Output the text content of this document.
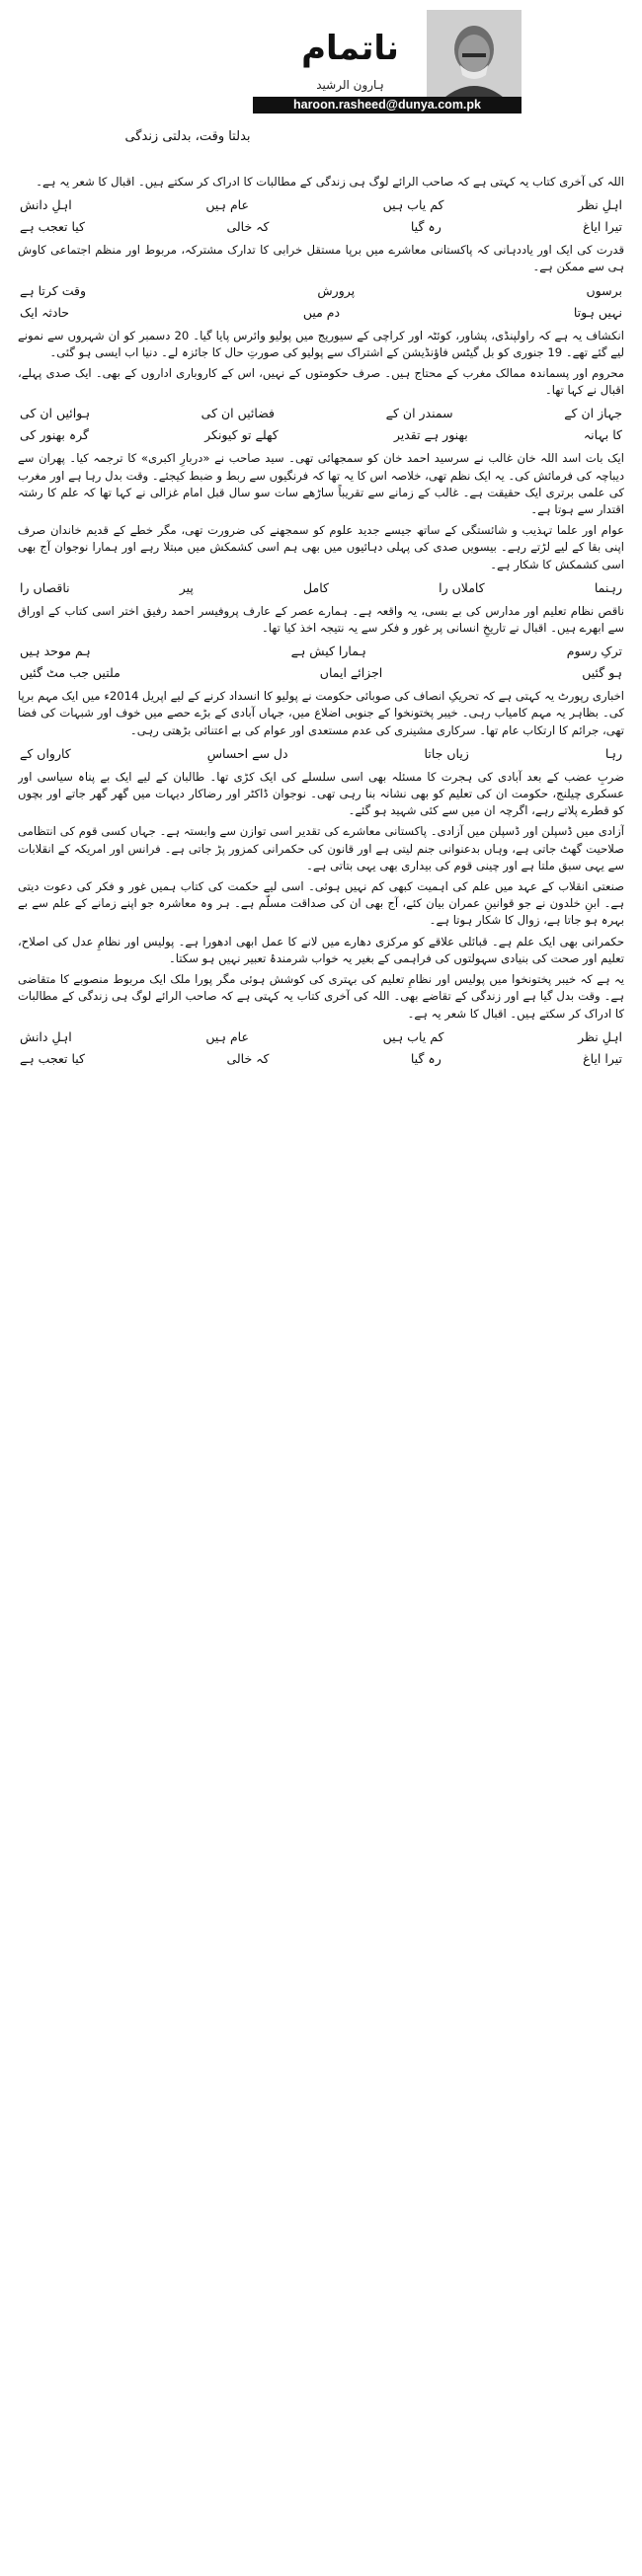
ناتمام
ہارون الرشید
haroon.rasheed@dunya.com.pk
بدلتا وقت، بدلتی زندگی

اللہ کی آخری کتاب یہ کہتی ہے کہ صاحب الرائے لوگ ہی زندگی کے مطالبات کا ادراک کر سکتے ہیں۔ اقبال کا شعر یہ ہے۔

اہلِ دانش	عام ہیں	کم یاب ہیں	اہلِ نظر
کیا تعجب ہے	کہ خالی	رہ گیا	تیرا ایاغ

قدرت کی ایک اور یاددہانی کہ پاکستانی معاشرے میں برپا مستقل خرابی کا تدارک مشترکہ، مربوط اور منظم اجتماعی کاوش ہی سے ممکن ہے۔

وقت کرتا ہے	پرورش	برسوں
حادثہ ایک	دم میں	نہیں ہوتا

انکشاف یہ ہے کہ راولپنڈی، پشاور، کوئٹہ اور کراچی کے سیوریج میں پولیو وائرس پایا گیا۔ 20 دسمبر کو ان شہروں سے نمونے لیے گئے تھے۔ 19 جنوری کو بل گیٹس فاؤنڈیشن کے اشتراک سے پولیو کی صورتِ حال کا جائزہ لے۔ دنیا اب ایسی ہو گئی۔

محروم اور پسماندہ ممالک مغرب کے محتاج ہیں۔ صرف حکومتوں کے نہیں، اس کے کاروباری اداروں کے بھی۔ ایک صدی پہلے، اقبال نے کہا تھا۔

ہوائیں ان کی	فضائیں ان کی	سمندر ان کے	جہاز ان کے
گرہ بھنور کی	کھلے تو کیونکر	بھنور ہے تقدیر	کا بہانہ

ایک بات اسد اللہ خان غالب نے سرسید احمد خان کو سمجھائی تھی۔ سید صاحب نے «دربارِ اکبری» کا ترجمہ کیا۔ پھران سے دیباچہ کی فرمائش کی۔ یہ ایک نظم تھی، خلاصہ اس کا یہ تھا کہ فرنگیوں سے ربط و ضبط کیجئے۔ وقت بدل رہا ہے اور مغرب کی علمی برتری ایک حقیقت ہے۔ غالب کے زمانے سے تقریباً ساڑھے سات سو سال قبل امام غزالی نے کہا تھا کہ علم کا رشتہ اقتدار سے ہوتا ہے۔

عوام اور علما تہذیب و شائستگی کے ساتھ جیسے جدید علوم کو سمجھنے کی ضرورت تھی، مگر خطے کے قدیم خاندان صرف اپنی بقا کے لیے لڑتے رہے۔ بیسویں صدی کی پہلی دہائیوں میں بھی ہم اسی کشمکش میں مبتلا رہے اور ہمارا نوجوان آج بھی اسی کشمکش کا شکار ہے۔

ناقصاں را	پیر	کامل	کاملاں را	رہنما

ناقص نظام تعلیم اور مدارس کی بے بسی، یہ واقعہ ہے۔ ہمارے عصر کے عارف پروفیسر احمد رفیق اختر اسی کتاب کے اوراق سے ابھرے ہیں۔ اقبال نے تاریخِ انسانی پر غور و فکر سے یہ نتیجہ اخذ کیا تھا۔

ہم موحد ہیں	ہمارا کیش ہے	ترکِ رسوم
ملتیں جب مٹ گئیں	اجزائے ایماں	ہو گئیں

اخباری رپورٹ یہ کہتی ہے کہ تحریکِ انصاف کی صوبائی حکومت نے پولیو کا انسداد کرنے کے لیے اپریل 2014ء میں ایک مہم برپا کی۔ بظاہر یہ مہم کامیاب رہی۔ خیبر پختونخوا کے جنوبی اضلاع میں، جہاں آبادی کے بڑے حصے میں خوف اور شبہات کی فضا تھی، جرائم کا ارتکاب عام تھا۔ سرکاری مشینری کی عدم مستعدی اور عوام کی بے اعتنائی بڑھتی رہی۔

کارواں کے	دل سے احساسِ	زیاں جاتا	رہا

ضربِ عضب کے بعد آبادی کی ہجرت کا مسئلہ بھی اسی سلسلے کی ایک کڑی تھا۔ طالبان کے لیے ایک بے پناہ سیاسی اور عسکری چیلنج، حکومت ان کی تعلیم کو بھی نشانہ بنا رہی تھی۔ نوجوان ڈاکٹر اور رضاکار دیہات میں گھر گھر جاتے اور بچوں کو قطرے پلاتے رہے، اگرچہ ان میں سے کئی شہید ہو گئے۔

آزادی میں ڈسپلن اور ڈسپلن میں آزادی۔ پاکستانی معاشرے کی تقدیر اسی توازن سے وابستہ ہے۔ جہاں کسی قوم کی انتظامی صلاحیت گھٹ جاتی ہے، وہاں بدعنوانی جنم لیتی ہے اور قانون کی حکمرانی کمزور پڑ جاتی ہے۔ فرانس اور امریکہ کے انقلابات سے یہی سبق ملتا ہے اور چینی قوم کی بیداری بھی یہی بتاتی ہے۔

صنعتی انقلاب کے عہد میں علم کی اہمیت کبھی کم نہیں ہوئی۔ اسی لیے حکمت کی کتاب ہمیں غور و فکر کی دعوت دیتی ہے۔ ابنِ خلدون نے جو قوانینِ عمران بیان کئے، آج بھی ان کی صداقت مسلّم ہے۔ ہر وہ معاشرہ جو اپنے زمانے کے علم سے بے بہرہ ہو جاتا ہے، زوال کا شکار ہوتا ہے۔

حکمرانی بھی ایک علم ہے۔ قبائلی علاقے کو مرکزی دھارے میں لانے کا عمل ابھی ادھورا ہے۔ پولیس اور نظامِ عدل کی اصلاح، تعلیم اور صحت کی بنیادی سہولتوں کی فراہمی کے بغیر یہ خواب شرمندۂ تعبیر نہیں ہو سکتا۔

یہ ہے کہ خیبر پختونخوا میں پولیس اور نظامِ تعلیم کی بہتری کی کوشش ہوئی مگر پورا ملک ایک مربوط منصوبے کا متقاضی ہے۔ وقت بدل گیا ہے اور زندگی کے تقاضے بھی۔ اللہ کی آخری کتاب یہ کہتی ہے کہ صاحب الرائے لوگ ہی زندگی کے مطالبات کا ادراک کر سکتے ہیں۔ اقبال کا شعر یہ ہے۔

اہلِ دانش	عام ہیں	کم یاب ہیں	اہلِ نظر
کیا تعجب ہے	کہ خالی	رہ گیا	تیرا ایاغ
